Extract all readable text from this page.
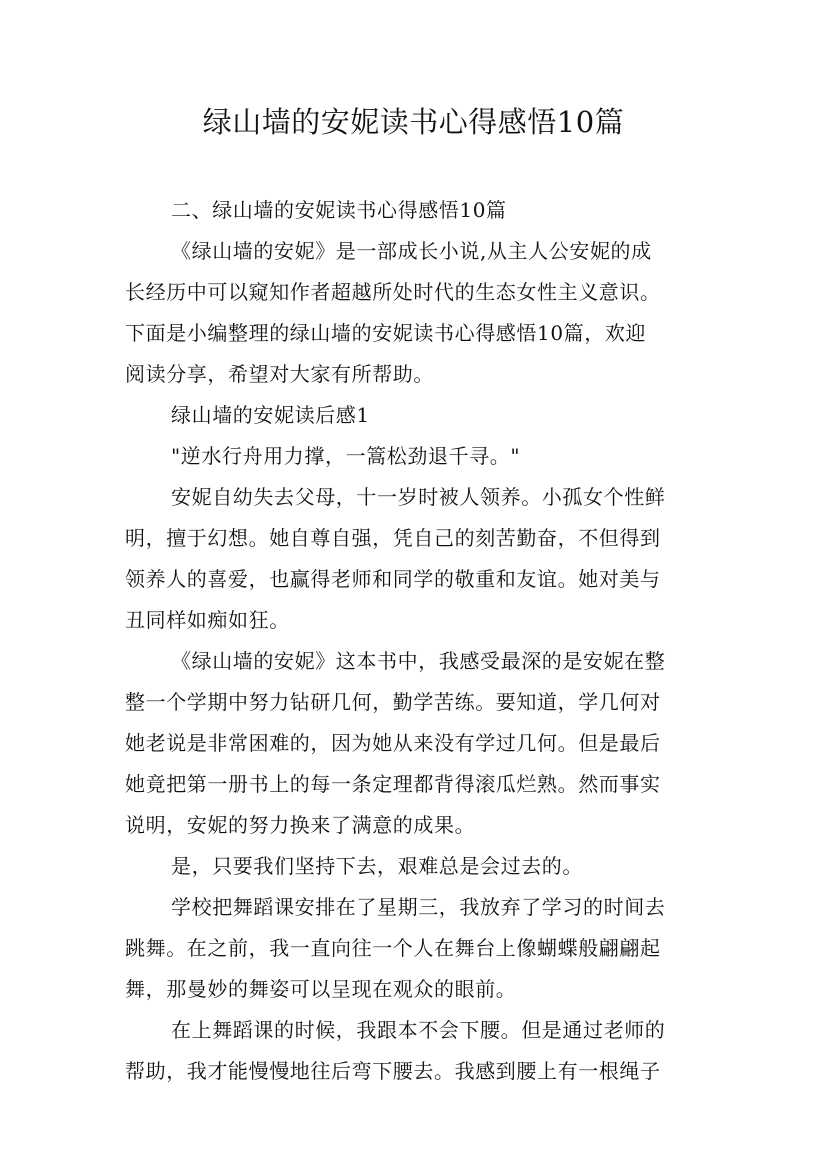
绿山墙的安妮读书心得感悟10篇
二、绿山墙的安妮读书心得感悟10篇
《绿山墙的安妮》是一部成长小说,从主人公安妮的成
长经历中可以窥知作者超越所处时代的生态女性主义意识。
下面是小编整理的绿山墙的安妮读书心得感悟10篇，欢迎
阅读分享，希望对大家有所帮助。
绿山墙的安妮读后感1
"逆水行舟用力撑，一篙松劲退千寻。"
安妮自幼失去父母，十一岁时被人领养。小孤女个性鲜
明，擅于幻想。她自尊自强，凭自己的刻苦勤奋，不但得到
领养人的喜爱，也赢得老师和同学的敬重和友谊。她对美与
丑同样如痴如狂。
《绿山墙的安妮》这本书中，我感受最深的是安妮在整
整一个学期中努力钻研几何，勤学苦练。要知道，学几何对
她老说是非常困难的，因为她从来没有学过几何。但是最后
她竟把第一册书上的每一条定理都背得滚瓜烂熟。然而事实
说明，安妮的努力换来了满意的成果。
是，只要我们坚持下去，艰难总是会过去的。
学校把舞蹈课安排在了星期三，我放弃了学习的时间去
跳舞。在之前，我一直向往一个人在舞台上像蝴蝶般翩翩起
舞，那曼妙的舞姿可以呈现在观众的眼前。
在上舞蹈课的时候，我跟本不会下腰。但是通过老师的
帮助，我才能慢慢地往后弯下腰去。我感到腰上有一根绳子
